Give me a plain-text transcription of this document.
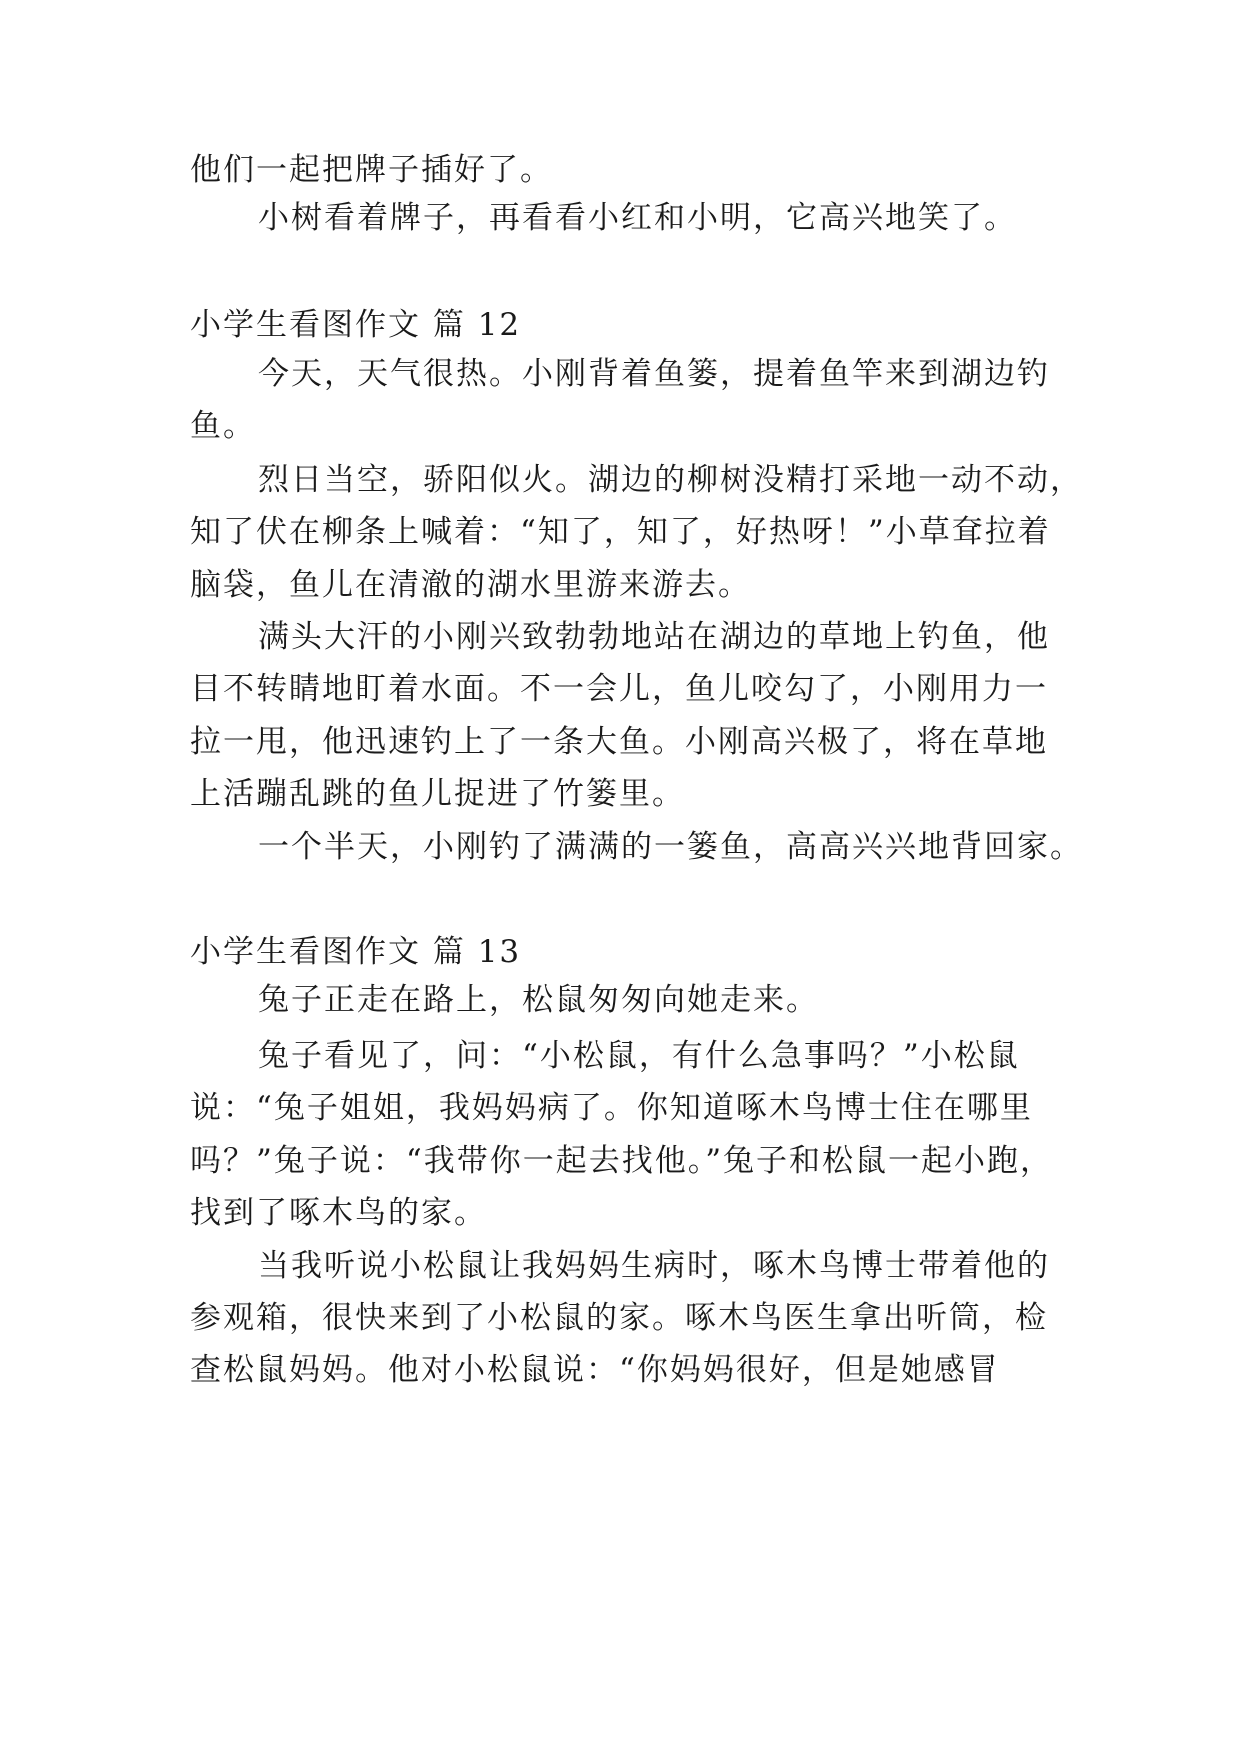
他们一起把牌子插好了。
小树看着牌子，再看看小红和小明，它高兴地笑了。
小学生看图作文 篇 12
今天，天气很热。小刚背着鱼篓，提着鱼竿来到湖边钓
鱼。
烈日当空，骄阳似火。湖边的柳树没精打采地一动不动，
知了伏在柳条上喊着：“知了，知了，好热呀！”小草耷拉着
脑袋，鱼儿在清澈的湖水里游来游去。
满头大汗的小刚兴致勃勃地站在湖边的草地上钓鱼，他
目不转睛地盯着水面。不一会儿，鱼儿咬勾了，小刚用力一
拉一甩，他迅速钓上了一条大鱼。小刚高兴极了，将在草地
上活蹦乱跳的鱼儿捉进了竹篓里。
一个半天，小刚钓了满满的一篓鱼，高高兴兴地背回家。
小学生看图作文 篇 13
兔子正走在路上，松鼠匆匆向她走来。
兔子看见了，问：“小松鼠，有什么急事吗？”小松鼠
说：“兔子姐姐，我妈妈病了。你知道啄木鸟博士住在哪里
吗？”兔子说：“我带你一起去找他。”兔子和松鼠一起小跑，
找到了啄木鸟的家。
当我听说小松鼠让我妈妈生病时，啄木鸟博士带着他的
参观箱，很快来到了小松鼠的家。啄木鸟医生拿出听筒，检
查松鼠妈妈。他对小松鼠说：“你妈妈很好，但是她感冒
